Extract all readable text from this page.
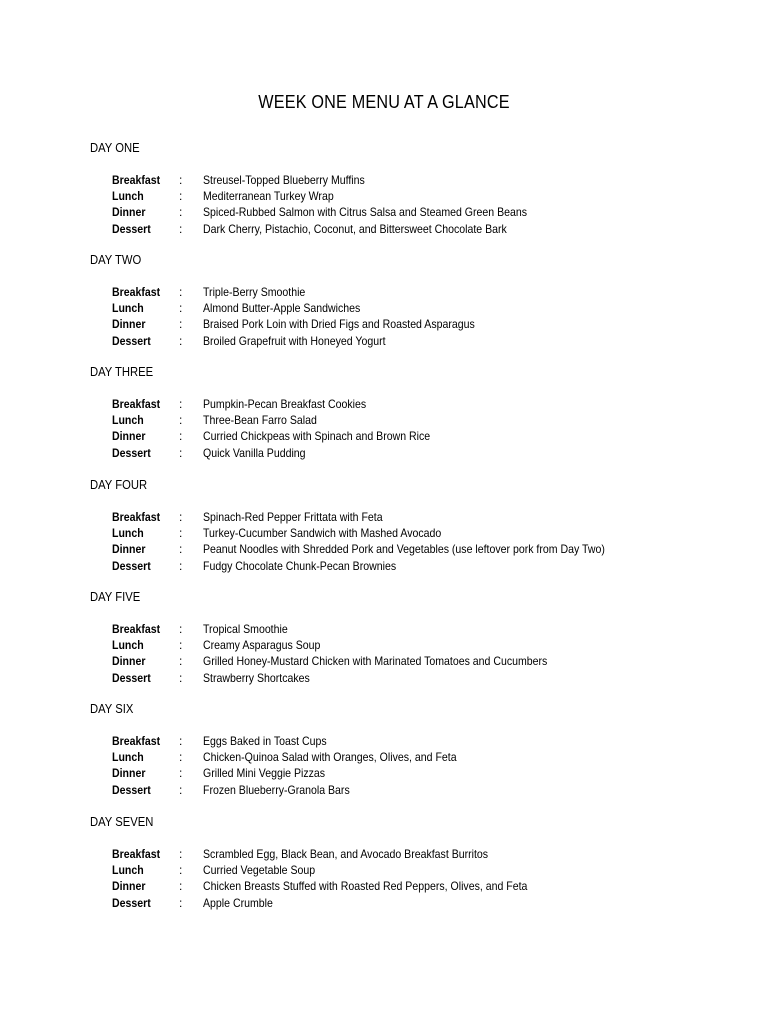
WEEK ONE MENU AT A GLANCE
DAY ONE
Breakfast : Streusel-Topped Blueberry Muffins
Lunch	: Mediterranean Turkey Wrap
Dinner	: Spiced-Rubbed Salmon with Citrus Salsa and Steamed Green Beans
Dessert : Dark Cherry, Pistachio, Coconut, and Bittersweet Chocolate Bark
DAY TWO
Breakfast : Triple-Berry Smoothie
Lunch	: Almond Butter-Apple Sandwiches
Dinner	: Braised Pork Loin with Dried Figs and Roasted Asparagus
Dessert : Broiled Grapefruit with Honeyed Yogurt
DAY THREE
Breakfast : Pumpkin-Pecan Breakfast Cookies
Lunch	: Three-Bean Farro Salad
Dinner	: Curried Chickpeas with Spinach and Brown Rice
Dessert : Quick Vanilla Pudding
DAY FOUR
Breakfast : Spinach-Red Pepper Frittata with Feta
Lunch	: Turkey-Cucumber Sandwich with Mashed Avocado
Dinner	: Peanut Noodles with Shredded Pork and Vegetables (use leftover pork from Day Two)
Dessert : Fudgy Chocolate Chunk-Pecan Brownies
DAY FIVE
Breakfast : Tropical Smoothie
Lunch	: Creamy Asparagus Soup
Dinner	: Grilled Honey-Mustard Chicken with Marinated Tomatoes and Cucumbers
Dessert : Strawberry Shortcakes
DAY SIX
Breakfast : Eggs Baked in Toast Cups
Lunch	: Chicken-Quinoa Salad with Oranges, Olives, and Feta
Dinner	: Grilled Mini Veggie Pizzas
Dessert : Frozen Blueberry-Granola Bars
DAY SEVEN
Breakfast : Scrambled Egg, Black Bean, and Avocado Breakfast Burritos
Lunch	: Curried Vegetable Soup
Dinner	: Chicken Breasts Stuffed with Roasted Red Peppers, Olives, and Feta
Dessert : Apple Crumble
